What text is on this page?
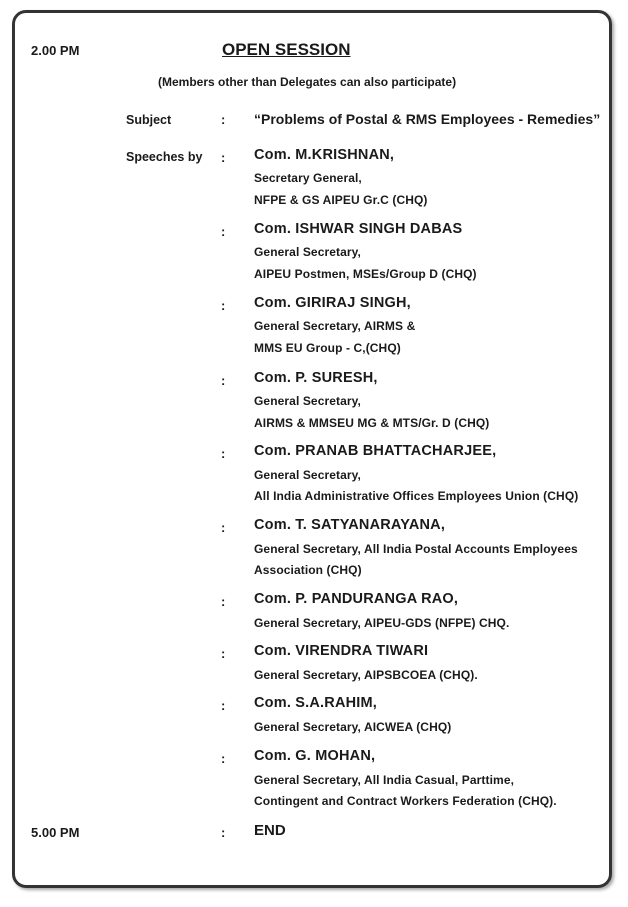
2.00 PM	OPEN SESSION
(Members other than Delegates can also participate)
Subject	: “Problems of Postal & RMS Employees - Remedies”
Speeches by : Com. M.KRISHNAN,
Secretary General,
NFPE & GS AIPEU Gr.C (CHQ)
: Com. ISHWAR SINGH DABAS
General Secretary,
AIPEU Postmen, MSEs/Group D (CHQ)
: Com. GIRIRAJ SINGH,
General Secretary, AIRMS &
MMS EU Group - C,(CHQ)
: Com. P. SURESH,
General Secretary,
AIRMS & MMSEU MG & MTS/Gr. D (CHQ)
: Com. PRANAB BHATTACHARJEE,
General Secretary,
All India Administrative Offices Employees Union (CHQ)
: Com. T. SATYANARAYANA,
General Secretary, All India Postal Accounts Employees
Association (CHQ)
: Com. P. PANDURANGA RAO,
General Secretary, AIPEU-GDS (NFPE) CHQ.
: Com. VIRENDRA TIWARI
General Secretary, AIPSBCOEA (CHQ).
: Com. S.A.RAHIM,
General Secretary, AICWEA (CHQ)
: Com. G. MOHAN,
General Secretary, All India Casual, Parttime,
Contingent and Contract Workers Federation (CHQ).
5.00 PM	: END
